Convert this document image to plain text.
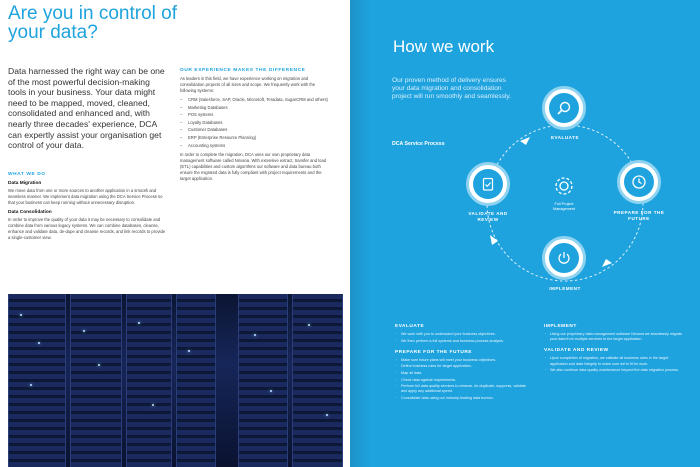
Are you in control of your data?

Data harnessed the right way can be one of the most powerful decision-making tools in your business. Your data might need to be mapped, moved, cleaned, consolidated and enhanced and, with nearly three decades' experience, DCA can expertly assist your organisation get control of your data.

WHAT WE DO
Data Migration

We move data from one or more sources to another application in a smooth and seamless manner. We implement data migration using the DCA Service Process so that your business can keep running without unnecessary disruption.

Data Consolidation

In order to improve the quality of your data it may be necessary to consolidate and combine data from various legacy systems. We can combine databases, cleanse, enhance and validate data, de-dupe and cleanse records, and link records to provide a single-customer view.

OUR EXPERIENCE MAKES THE DIFFERENCE

As leaders in this field, we have experience working on migration and consolidation projects of all sizes and scope. We frequently work with the following systems:

– CRM (Salesforce, SAP, Oracle, Microsoft, Teradata, SugarCRM and others)
– Marketing Databases
– POS systems
– Loyalty Databases
– Customer Databases
– ERP (Enterprise Resource Planning)
– Accounting systems

In order to complete the migration, DCA uses our own proprietary data management software called Nirvana. With extensive extract, transfer and load (ETL) capabilities and custom algorithms our software and data bureau both ensure the migrated data is fully compliant with project requirements and the target application.

How we work

Our proven method of delivery ensures your data migration and consolidation project will run smoothly and seamlessly.

DCA Service Process
EVALUATE
PREPARE FOR THE FUTURE
IMPLEMENT
VALIDATE AND REVIEW
Full Project Management
EVALUATE
· We work with you to understand your business objectives.
· We then perform a full systems and business process analysis.
PREPARE FOR THE FUTURE
· Make sure future plans will meet your business objectives.
· Define business rules for target application.
· Map all data.
· Check data against requirements.
· Perform full data quality services to cleanse, de-duplicate, suppress, validate and apply any additional spend.
· Consolidate data using our industry-leading data bureau.
IMPLEMENT
· Using our proprietary data management software Nirvana we seamlessly migrate your data from multiple services to the target application.
VALIDATE AND REVIEW
· Upon completion of migration, we validate all business rules in the target application and data integrity to make sure we're fit for work.
· We also continue data quality maintenance beyond the data migration process.
